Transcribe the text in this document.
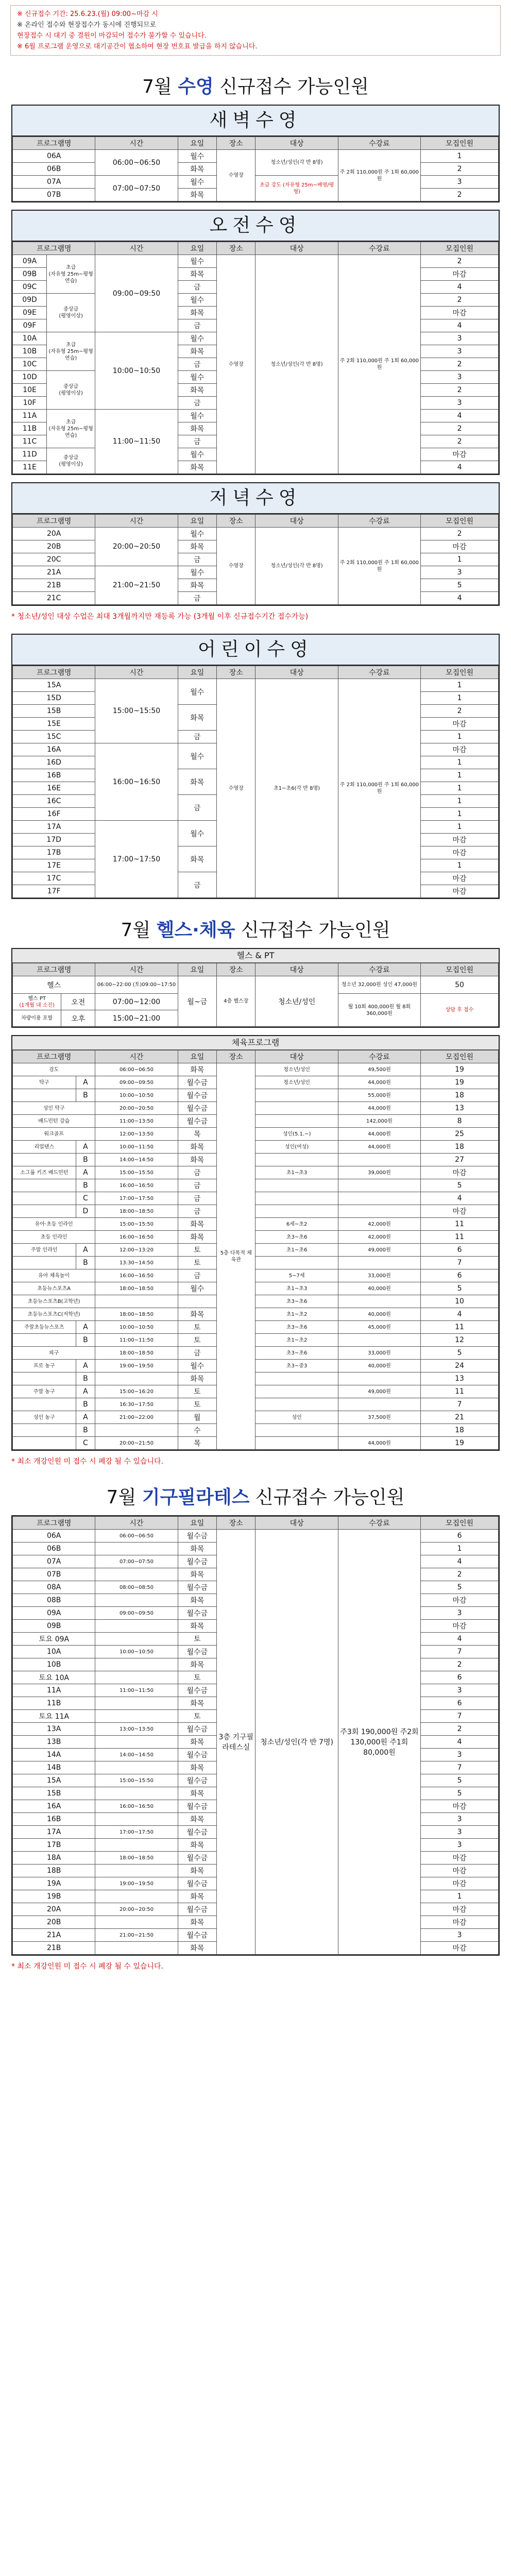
※ 신규접수 기간: 25.6.23.(월) 09:00~마감 시
※ 온라인 접수와 현장접수가 동시에 진행되므로
현장접수 시 대기 중 결원이 마감되어 접수가 불가할 수 있습니다.
※ 6월 프로그램 운영으로 대기공간이 협소하여 현장 번호표 발급을 하지 않습니다.
7월 수영 신규접수 가능인원
새벽수영
프로그램명	시간	요일	장소	대상	수강료	모집인원
06A	06:00~06:50	월수	수영장	청소년/성인(각 반 8명)	주 2회 110,000원 주 1회 60,000원	1
06B		화목				2
07A	07:00~07:50	월수		초급 강도 (자유형 25m~배영/평형)		3
07B		화목				2
오전수영
프로그램명		시간	요일	장소	대상	수강료	모집인원
09A	초급
(자유형 25m~평형 연습)	09:00~09:50	월수	수영장	청소년/성인(각 반 8명)	주 2회 110,000원 주 1회 60,000원	2
09B			화목				마감
09C			금				4
09D	중상급
(평영이상)		월수				2
09E			화목				마감
09F			금				4
10A	초급
(자유형 25m~평형 연습)	10:00~10:50	월수				3
10B			화목				3
10C			금				2
10D	중상급
(평영이상)		월수				3
10E			화목				2
10F			금				3
11A	초급
(자유형 25m~평형 연습)	11:00~11:50	월수				4
11B			화목				2
11C			금				2
11D	중상급
(평영이상)		월수				마감
11E			화목				4
저녁수영
프로그램명	시간	요일	장소	대상	수강료	모집인원
20A	20:00~20:50	월수	수영장	청소년/성인(각 반 8명)	주 2회 110,000원 주 1회 60,000원	2
20B		화목				마감
20C		금				1
21A	21:00~21:50	월수				3
21B		화목				5
21C		금				4
* 청소년/성인 대상 수업은 최대 3개월까지만 재등록 가능 (3개월 이후 신규접수기간 접수가능)
어린이수영
프로그램명	시간	요일	장소	대상	수강료	모집인원
15A	15:00~15:50	월수	수영장	초1~초6(각 반 8명)	주 2회 110,000원 주 1회 60,000원	1
15D						1
15B		화목				2
15E						마감
15C		금				1
16A	16:00~16:50	월수				마감
16D						1
16B		화목				1
16E						1
16C		금				1
16F						1
17A	17:00~17:50	월수				1
17D						마감
17B		화목				마감
17E						1
17C		금				마감
17F						마감
7월 헬스·체육 신규접수 가능인원
헬스 & PT
프로그램명		시간	요일	장소	대상	수강료	모집인원
헬스		06:00~22:00 (토)09:00~17:50	월~금	4층 헬스장	청소년/성인	청소년 32,000원 성인 47,000원	50
헬스 PT
(1개월 내 소진)	오전	07:00~12:00				월 10회 400,000원 월 8회 360,000원	상담 후 접수
차량이용 포함	오후	15:00~21:00					
체육프로그램
프로그램명		시간	요일	장소	대상	수강료	모집인원
검도		06:00~06:50	화목	5층 다목적 체육관	청소년/성인	49,500원	19
탁구	A	09:00~09:50	월수금		청소년/성인	44,000원	19
	B	10:00~10:50	월수금			55,000원	18
성인 탁구		20:00~20:50	월수금			44,000원	13
배드민턴 강습		11:00~13:50	월수금			142,000원	8
워크골프		12:00~13:50	목		성인(5.1.~)	44,000원	25
리얼댄스	A	10:00~11:50	화목		성인(여성)	44,000원	18
	B	14:00~14:50	화목				27
소그룹 키즈 배드민턴	A	15:00~15:50	금		초1~초3	39,000원	마감
	B	16:00~16:50	금				5
	C	17:00~17:50	금				4
	D	18:00~18:50	금				마감
유아·초등 인라인		15:00~15:50	화목		6세~초2	42,000원	11
초등 인라인		16:00~16:50	화목		초3~초6	42,000원	11
주말 인라인	A	12:00~13:20	토		초1~초6	49,000원	6
	B	13:30~14:50	토				7
유아 체육놀이		16:00~16:50	금		5~7세	33,000원	6
초등뉴스포츠A		18:00~18:50	월수		초1~초3	40,000원	5
초등뉴스포츠B(고학년)					초3~초6		10
초등뉴스포츠C(저학년)		18:00~18:50	화목		초1~초2	40,000원	4
주말초등뉴스포츠	A	10:00~10:50	토		초3~초6	45,000원	11
	B	11:00~11:50	토		초1~초2		12
피구		18:00~18:50	금		초3~초6	33,000원	5
프로 농구	A	19:00~19:50	월수		초3~중3	40,000원	24
	B		화목				13
주말 농구	A	15:00~16:20	토			49,000원	11
	B	16:30~17:50	토				7
성인 농구	A	21:00~22:00	월		성인	37,500원	21
	B		수				18
	C	20:00~21:50	목			44,000원	19
* 최소 개강인원 미 접수 시 폐강 될 수 있습니다.
7월 기구필라테스 신규접수 가능인원
프로그램명	시간	요일	장소	대상	수강료	모집인원
06A	06:00~06:50	월수금	3층 기구필라테스실	청소년/성인(각 반 7명)	주3회 190,000원 주2회 130,000원 주1회 80,000원	6
06B		화목				1
07A	07:00~07:50	월수금				4
07B		화목				2
08A	08:00~08:50	월수금				5
08B		화목				마감
09A	09:00~09:50	월수금				3
09B		화목				마감
토요 09A		토				4
10A	10:00~10:50	월수금				7
10B		화목				2
토요 10A		토				6
11A	11:00~11:50	월수금				3
11B		화목				6
토요 11A		토				7
13A	13:00~13:50	월수금				2
13B		화목				4
14A	14:00~14:50	월수금				3
14B		화목				7
15A	15:00~15:50	월수금				5
15B		화목				5
16A	16:00~16:50	월수금				마감
16B		화목				3
17A	17:00~17:50	월수금				3
17B		화목				3
18A	18:00~18:50	월수금				마감
18B		화목				마감
19A	19:00~19:50	월수금				마감
19B		화목				1
20A	20:00~20:50	월수금				마감
20B		화목				마감
21A	21:00~21:50	월수금				3
21B		화목				마감
* 최소 개강인원 미 접수 시 폐강 될 수 있습니다.
